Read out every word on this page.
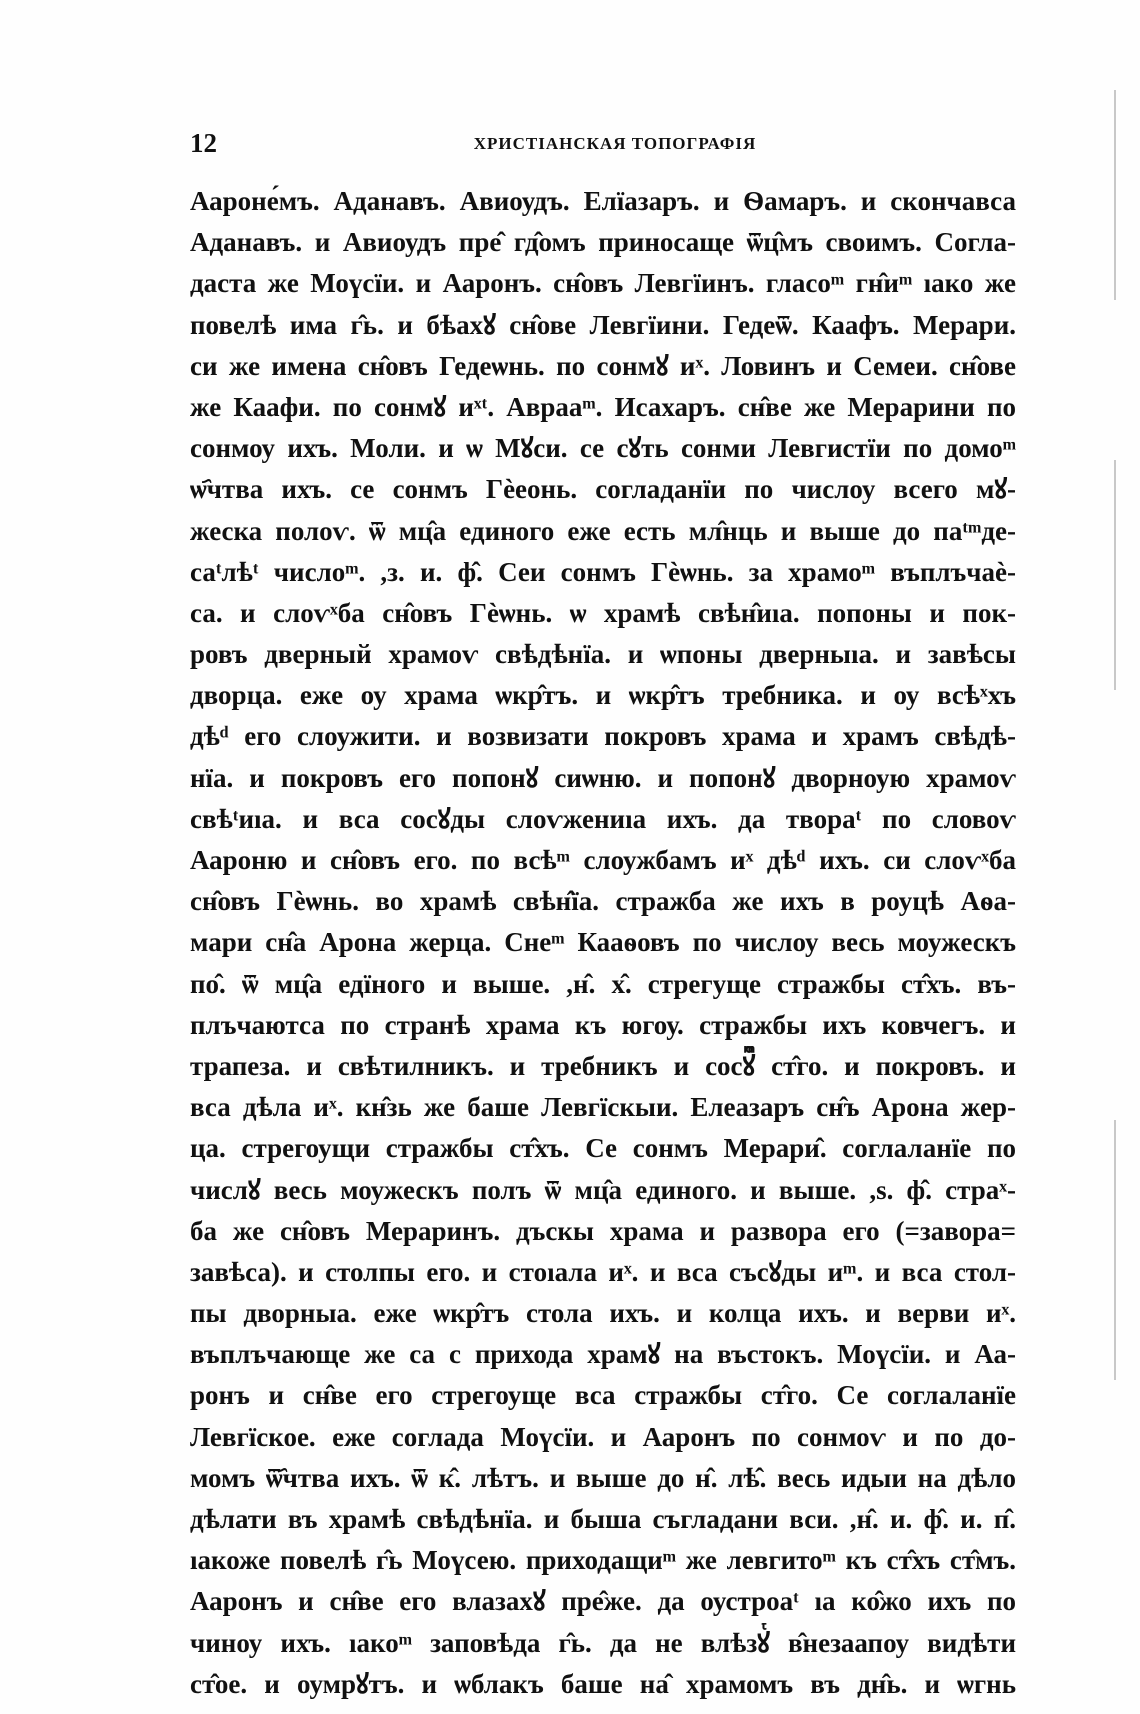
12	ХРИСТІАНСКАЯ ТОПОГРАФІЯ
Аароне́мъ. Аданавъ. Авиоудъ. Елїазаръ. и Ѳамаръ. и скончавса
Аданавъ. и Авиоудъ пре̂ гд̂омъ приносаще ѿц̂мъ своимъ. Согла-
даста же Моүсїи. и Ааронъ. сн̂овъ Левгїинъ. гласо͏ͫ гн̂иͫ ıако же
повелѣ има г̂ь. и бѣахꙋ сн̂ове Левгїини. Гедеѿ. Каафъ. Мерари.
си же имена сн̂овъ Гедеѡнь. по сонмꙋ и͏ͯ. Ловинъ и Семеи. сн̂ове
же Каафи. по сонмꙋ и͏ͯͭ. Авраа͏ͫ. Исахаръ. сн̂ве же Мерарини по
сонмоу ихъ. Моли. и ѡ Мꙋси. се сꙋть сонми Левгистїи по домо͏ͫ
ѡ҄чтва ихъ. се сонмъ Гѐеонь. согладанїи по числоу всего мꙋ-
жеска полоѵ. ѿ мц̂а единого еже есть мл̂нць и выше до па͏ͭͫде-
са͏ͭлѣ͏ͭ число͏ͫ. ,з. и. ф̂. Сеи сонмъ Гѐѡнь. за храмо͏ͫ въплъчаѐ-
са. и слоѵ͏ͯба сн̂овъ Гѐѡнь. ѡ храмѣ свѣн̂иıа. попоны и пок-
ровъ дверный храмоѵ свѣдѣнїа. и ѡпоны дверныıа. и завѣсы
дворца. еже оу храма ѡкр̂тъ. и ѡкр̂тъ требника. и оу всѣ͏ͯхъ
дѣ͏ͩ его слоужити. и возвизати покровъ храма и храмъ свѣдѣ-
нїа. и покровъ его попонꙋ сиѡню. и попонꙋ дворноую храмоѵ
свѣ͏ͭиıа. и вса сосꙋды слоѵжениıа ихъ. да твора͏ͭ по словоѵ
Аароню и сн̂овъ его. по всѣ͏ͫ слоужбамъ и͏ͯ дѣ͏ͩ ихъ. си слоѵ͏ͯба
сн̂овъ Гѐѡнь. во храмѣ свѣн̂їа. стражба же ихъ в роуцѣ Аѳа-
мари сн̂а Арона жерца. Сне͏ͫ Кааѳовъ по числоу весь моужескъ
по̂. ѿ мц̂а едїного и выше. ,н̂. х̂. стрегуще стражбы ст̂хъ. въ-
плъчаютса по странѣ храма къ югоу. стражбы ихъ ковчегъ. и
трапеза. и свѣтилникъ. и требникъ и сосꙋ͏ͩͫ ст̂го. и покровъ. и
вса дѣла и͏ͯ. кн̂зь же баше Левгїскыи. Елеазаръ сн̂ъ Арона жер-
ца. стрегоущи стражбы ст̂хъ. Се сонмъ Мерари̂. соглаланїе по
числꙋ весь моужескъ полъ ѿ мц̂а единого. и выше. ,ѕ. ф̂. стра͏ͯ-
ба же сн̂овъ Мераринъ. дъскы храма и развора его (=завора=
завѣса). и столпы его. и стоıала и͏ͯ. и вса съсꙋды и͏ͫ. и вса стол-
пы дворныа. еже ѡкр̂тъ стола ихъ. и колца ихъ. и верви и͏ͯ.
въплъчающе же са с прихода храмꙋ на въстокъ. Моүсїи. и Аа-
ронъ и сн̂ве его стрегоуще вса стражбы ст̂го. Се соглаланїе
Левгїское. еже соглада Моүсїи. и Ааронъ по сонмоѵ и по до-
момъ ѿ҄чтва ихъ. ѿ к̂. лѣтъ. и выше до н̂. лѣ̂. весь идыи на дѣло
дѣлати въ храмѣ свѣдѣнїа. и быша съгладани вси. ,н̂. и. ф̂. и. п̂.
ıакоже повелѣ г̂ь Моүсею. приходащи͏ͫ же левгито͏ͫ къ ст̂хъ ст̂мъ.
Ааронъ и сн̂ве его влазахꙋ пре̂же. да оустроа͏ͭ ıа ко̂жо ихъ по
чиноу ихъ. ıако͏ͫ заповѣда г̂ь. да не влѣзꙋ͏ͭ в̂незаапоу видѣти
ст̂ое. и оумрꙋтъ. и ѡблакъ баше на̂ храмомъ въ дн̂ь. и ѡгнь
